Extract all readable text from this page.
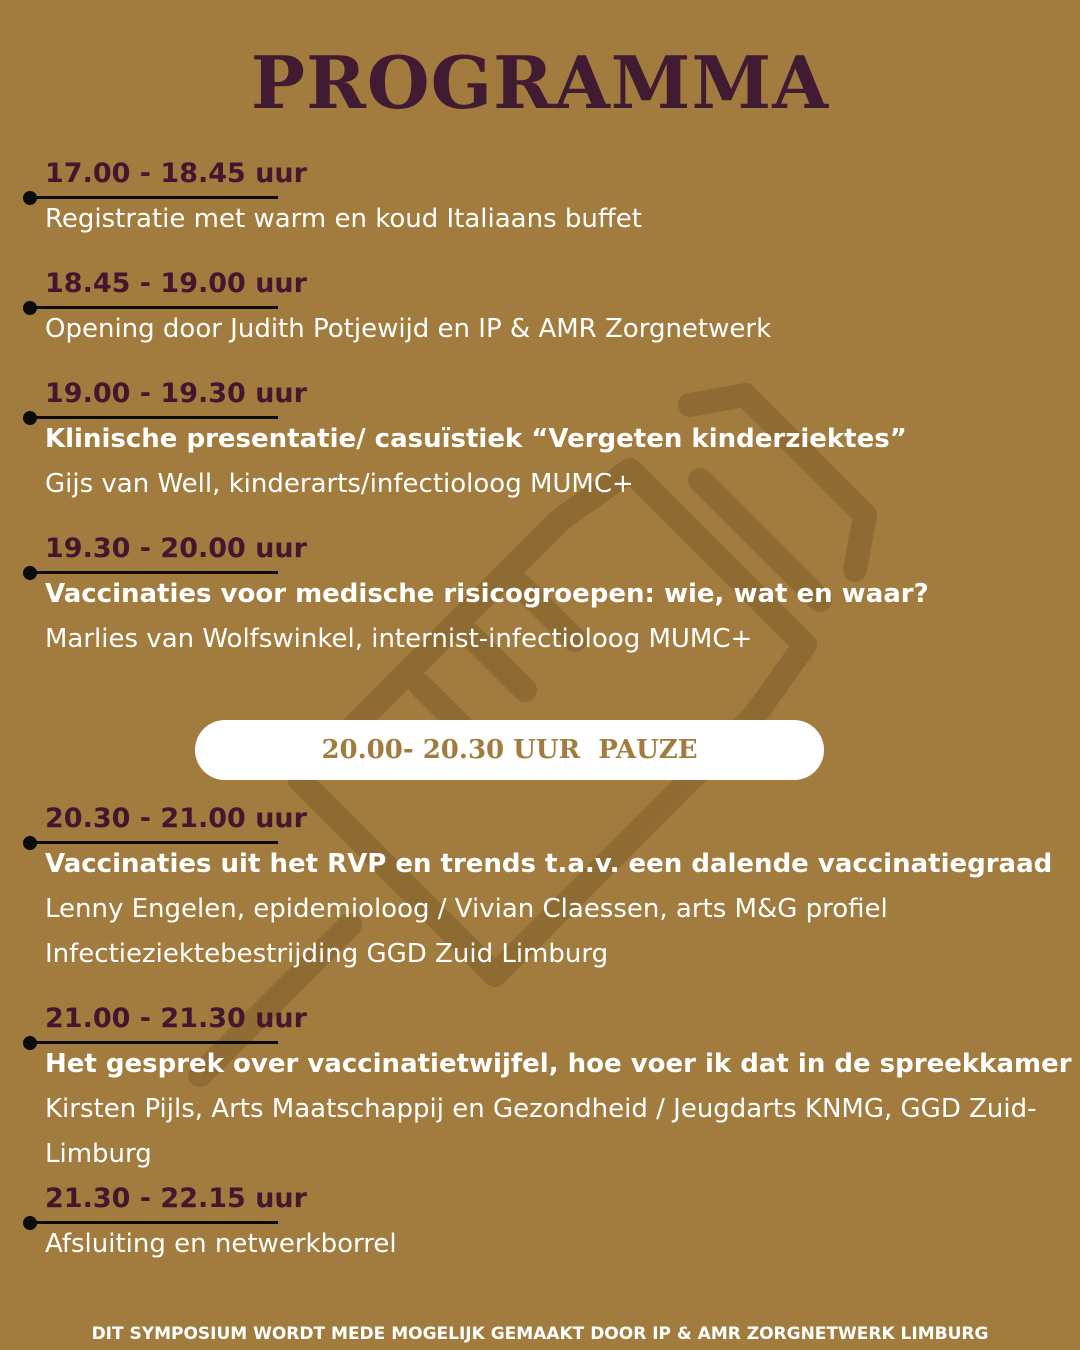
PROGRAMMA
17.00 - 18.45 uur
Registratie met warm en koud Italiaans buffet
18.45 - 19.00 uur
Opening door Judith Potjewijd en IP & AMR Zorgnetwerk
19.00 - 19.30 uur
Klinische presentatie/ casuïstiek “Vergeten kinderziektes”
Gijs van Well, kinderarts/infectioloog MUMC+
19.30 - 20.00 uur
Vaccinaties voor medische risicogroepen: wie, wat en waar?
Marlies van Wolfswinkel, internist-infectioloog MUMC+
20.30 - 21.00 uur
Vaccinaties uit het RVP en trends t.a.v. een dalende vaccinatiegraad
Lenny Engelen, epidemioloog / Vivian Claessen, arts M&G profiel
Infectieziektebestrijding GGD Zuid Limburg
21.00 - 21.30 uur
Het gesprek over vaccinatietwijfel, hoe voer ik dat in de spreekkamer
Kirsten Pijls, Arts Maatschappij en Gezondheid / Jeugdarts KNMG, GGD Zuid-
Limburg
21.30 - 22.15 uur
Afsluiting en netwerkborrel
20.00- 20.30 UUR  PAUZE
DIT SYMPOSIUM WORDT MEDE MOGELIJK GEMAAKT DOOR IP & AMR ZORGNETWERK LIMBURG
